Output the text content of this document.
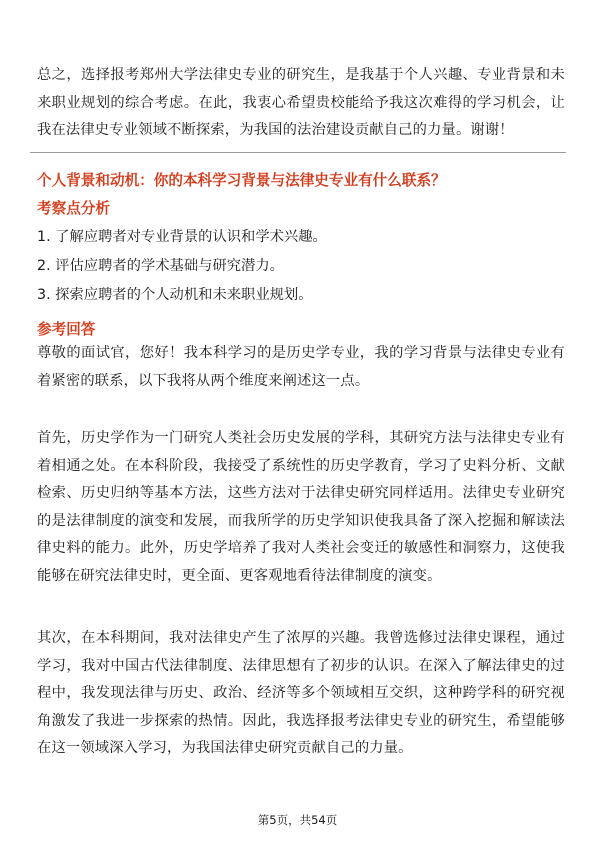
总之，选择报考郑州大学法律史专业的研究生，是我基于个人兴趣、专业背景和未来职业规划的综合考虑。在此，我衷心希望贵校能给予我这次难得的学习机会，让我在法律史专业领域不断探索，为我国的法治建设贡献自己的力量。谢谢！

个人背景和动机：你的本科学习背景与法律史专业有什么联系？

考察点分析

1. 了解应聘者对专业背景的认识和学术兴趣。

2. 评估应聘者的学术基础与研究潜力。

3. 探索应聘者的个人动机和未来职业规划。

参考回答

尊敬的面试官，您好！我本科学习的是历史学专业，我的学习背景与法律史专业有着紧密的联系，以下我将从两个维度来阐述这一点。

首先，历史学作为一门研究人类社会历史发展的学科，其研究方法与法律史专业有着相通之处。在本科阶段，我接受了系统性的历史学教育，学习了史料分析、文献检索、历史归纳等基本方法，这些方法对于法律史研究同样适用。法律史专业研究的是法律制度的演变和发展，而我所学的历史学知识使我具备了深入挖掘和解读法律史料的能力。此外，历史学培养了我对人类社会变迁的敏感性和洞察力，这使我能够在研究法律史时，更全面、更客观地看待法律制度的演变。

其次，在本科期间，我对法律史产生了浓厚的兴趣。我曾选修过法律史课程，通过学习，我对中国古代法律制度、法律思想有了初步的认识。在深入了解法律史的过程中，我发现法律与历史、政治、经济等多个领域相互交织，这种跨学科的研究视角激发了我进一步探索的热情。因此，我选择报考法律史专业的研究生，希望能够在这一领域深入学习，为我国法律史研究贡献自己的力量。

第5页，共54页
